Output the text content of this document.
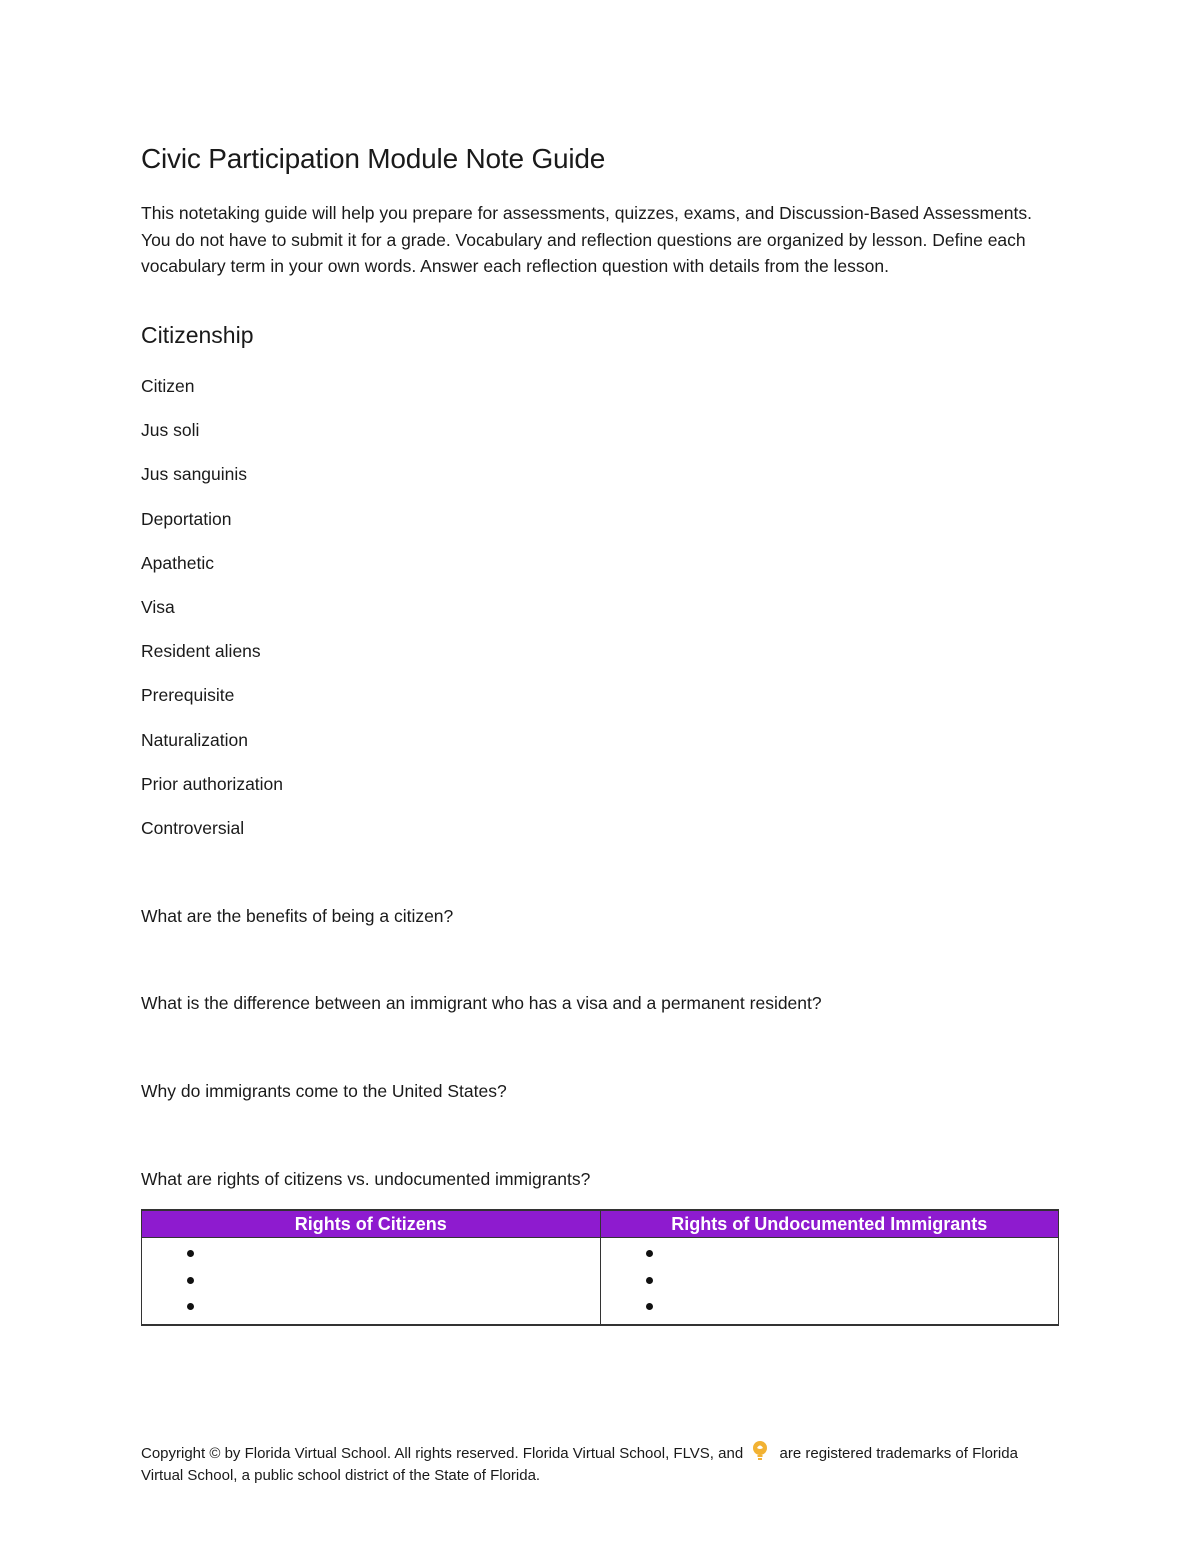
Civic Participation Module Note Guide

This notetaking guide will help you prepare for assessments, quizzes, exams, and Discussion-Based Assessments. You do not have to submit it for a grade. Vocabulary and reflection questions are organized by lesson. Define each vocabulary term in your own words. Answer each reflection question with details from the lesson.

Citizenship
Citizen
Jus soli
Jus sanguinis
Deportation
Apathetic
Visa
Resident aliens
Prerequisite
Naturalization
Prior authorization
Controversial

What are the benefits of being a citizen?

What is the difference between an immigrant who has a visa and a permanent resident?

Why do immigrants come to the United States?

What are rights of citizens vs. undocumented immigrants?

Rights of Citizens	Rights of Undocumented Immigrants

Copyright © by Florida Virtual School. All rights reserved. Florida Virtual School, FLVS, and are registered trademarks of Florida Virtual School, a public school district of the State of Florida.
